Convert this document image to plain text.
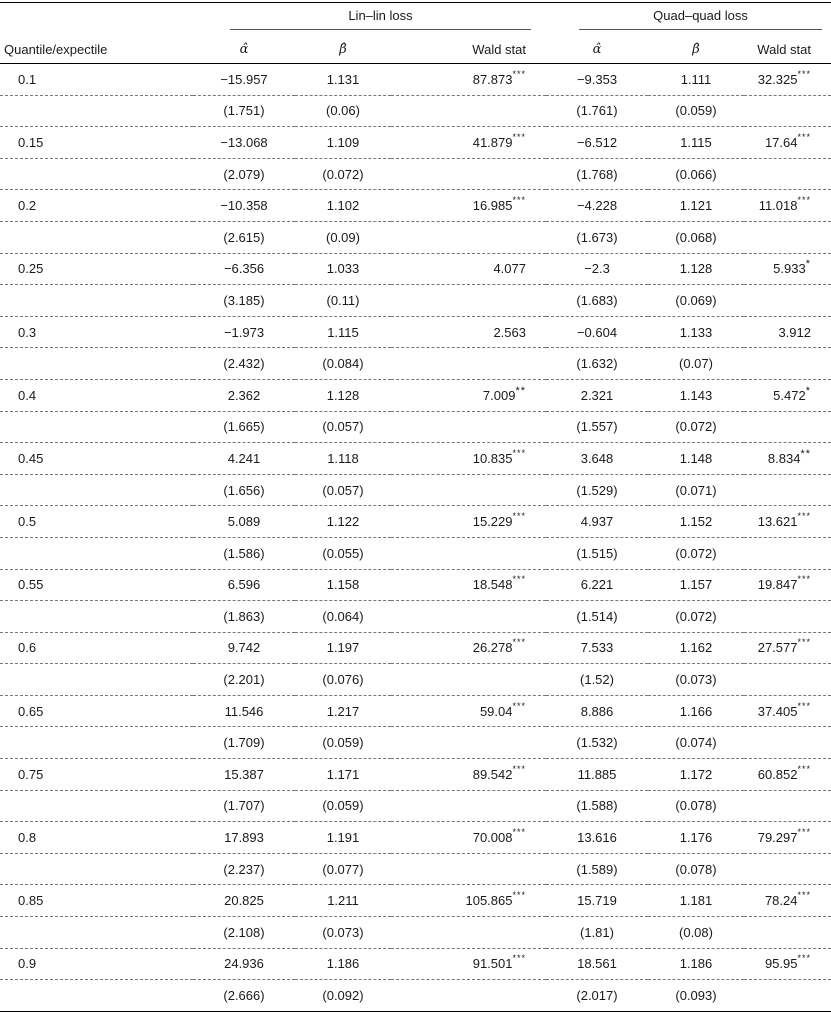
	Lin–lin loss			Quad–quad loss		

Quantile/expectile	α̂	β̂	Wald stat	α̂	β̂	Wald stat
0.1	−15.957	1.131	87.873***	−9.353	1.111	32.325***
	(1.751)	(0.06)		(1.761)	(0.059)	
0.15	−13.068	1.109	41.879***	−6.512	1.115	17.64***
	(2.079)	(0.072)		(1.768)	(0.066)	
0.2	−10.358	1.102	16.985***	−4.228	1.121	11.018***
	(2.615)	(0.09)		(1.673)	(0.068)	
0.25	−6.356	1.033	4.077	−2.3	1.128	5.933*
	(3.185)	(0.11)		(1.683)	(0.069)	
0.3	−1.973	1.115	2.563	−0.604	1.133	3.912
	(2.432)	(0.084)		(1.632)	(0.07)	
0.4	2.362	1.128	7.009**	2.321	1.143	5.472*
	(1.665)	(0.057)		(1.557)	(0.072)	
0.45	4.241	1.118	10.835***	3.648	1.148	8.834**
	(1.656)	(0.057)		(1.529)	(0.071)	
0.5	5.089	1.122	15.229***	4.937	1.152	13.621***
	(1.586)	(0.055)		(1.515)	(0.072)	
0.55	6.596	1.158	18.548***	6.221	1.157	19.847***
	(1.863)	(0.064)		(1.514)	(0.072)	
0.6	9.742	1.197	26.278***	7.533	1.162	27.577***
	(2.201)	(0.076)		(1.52)	(0.073)	
0.65	11.546	1.217	59.04***	8.886	1.166	37.405***
	(1.709)	(0.059)		(1.532)	(0.074)	
0.75	15.387	1.171	89.542***	11.885	1.172	60.852***
	(1.707)	(0.059)		(1.588)	(0.078)	
0.8	17.893	1.191	70.008***	13.616	1.176	79.297***
	(2.237)	(0.077)		(1.589)	(0.078)	
0.85	20.825	1.211	105.865***	15.719	1.181	78.24***
	(2.108)	(0.073)		(1.81)	(0.08)	
0.9	24.936	1.186	91.501***	18.561	1.186	95.95***
	(2.666)	(0.092)		(2.017)	(0.093)	
